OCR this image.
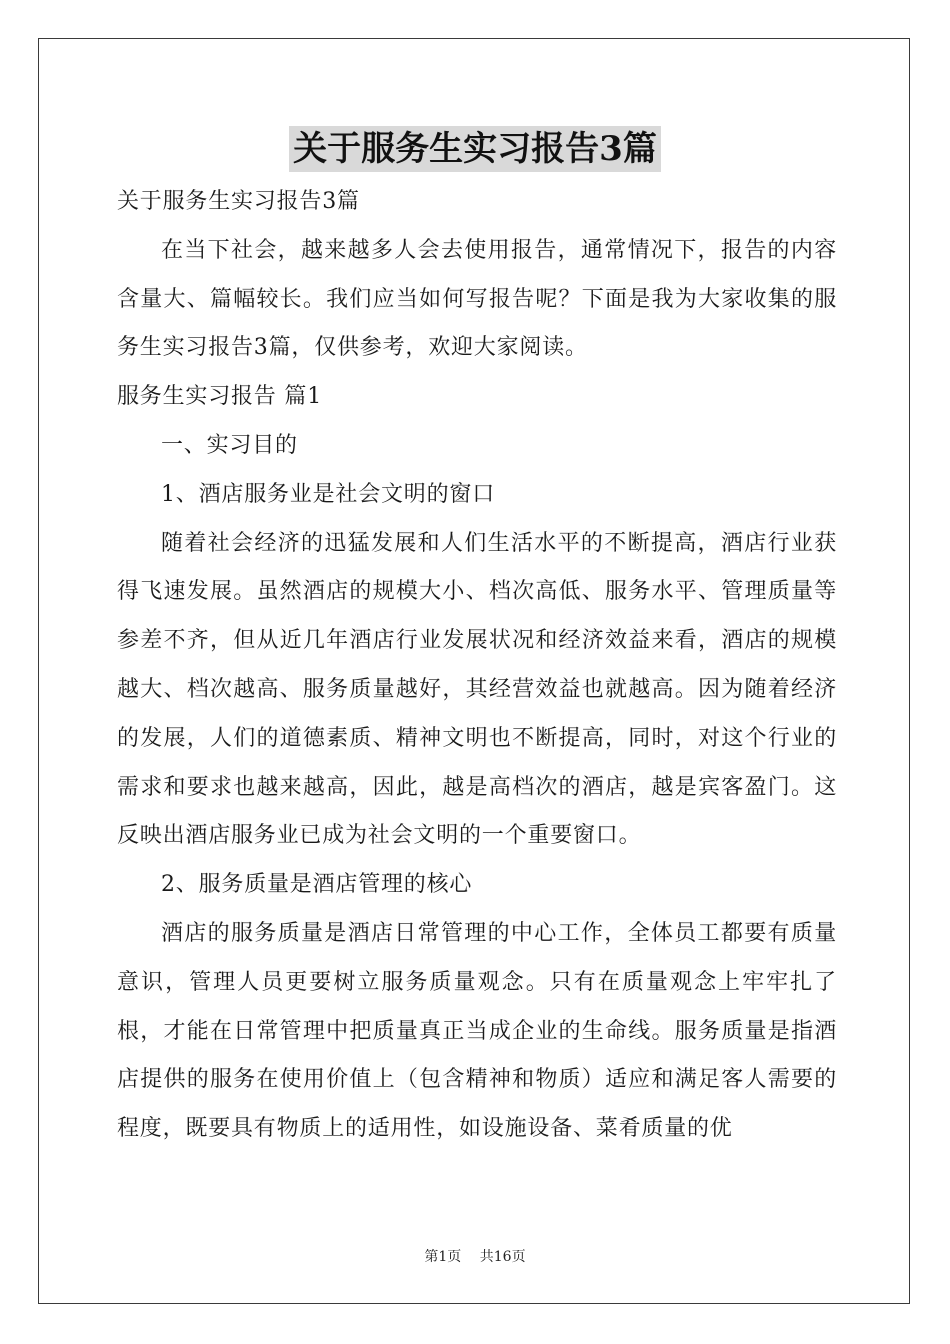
关于服务生实习报告3篇

关于服务生实习报告3篇

在当下社会，越来越多人会去使用报告，通常情况下，报告的内容含量大、篇幅较长。我们应当如何写报告呢？下面是我为大家收集的服务生实习报告3篇，仅供参考，欢迎大家阅读。

服务生实习报告 篇1

一、实习目的

1、酒店服务业是社会文明的窗口

随着社会经济的迅猛发展和人们生活水平的不断提高，酒店行业获得飞速发展。虽然酒店的规模大小、档次高低、服务水平、管理质量等参差不齐，但从近几年酒店行业发展状况和经济效益来看，酒店的规模越大、档次越高、服务质量越好，其经营效益也就越高。因为随着经济的发展，人们的道德素质、精神文明也不断提高，同时，对这个行业的需求和要求也越来越高，因此，越是高档次的酒店，越是宾客盈门。这反映出酒店服务业已成为社会文明的一个重要窗口。

2、服务质量是酒店管理的核心

酒店的服务质量是酒店日常管理的中心工作，全体员工都要有质量意识，管理人员更要树立服务质量观念。只有在质量观念上牢牢扎了根，才能在日常管理中把质量真正当成企业的生命线。服务质量是指酒店提供的服务在使用价值上（包含精神和物质）适应和满足客人需要的程度，既要具有物质上的适用性，如设施设备、菜肴质量的优

第1页 共16页
